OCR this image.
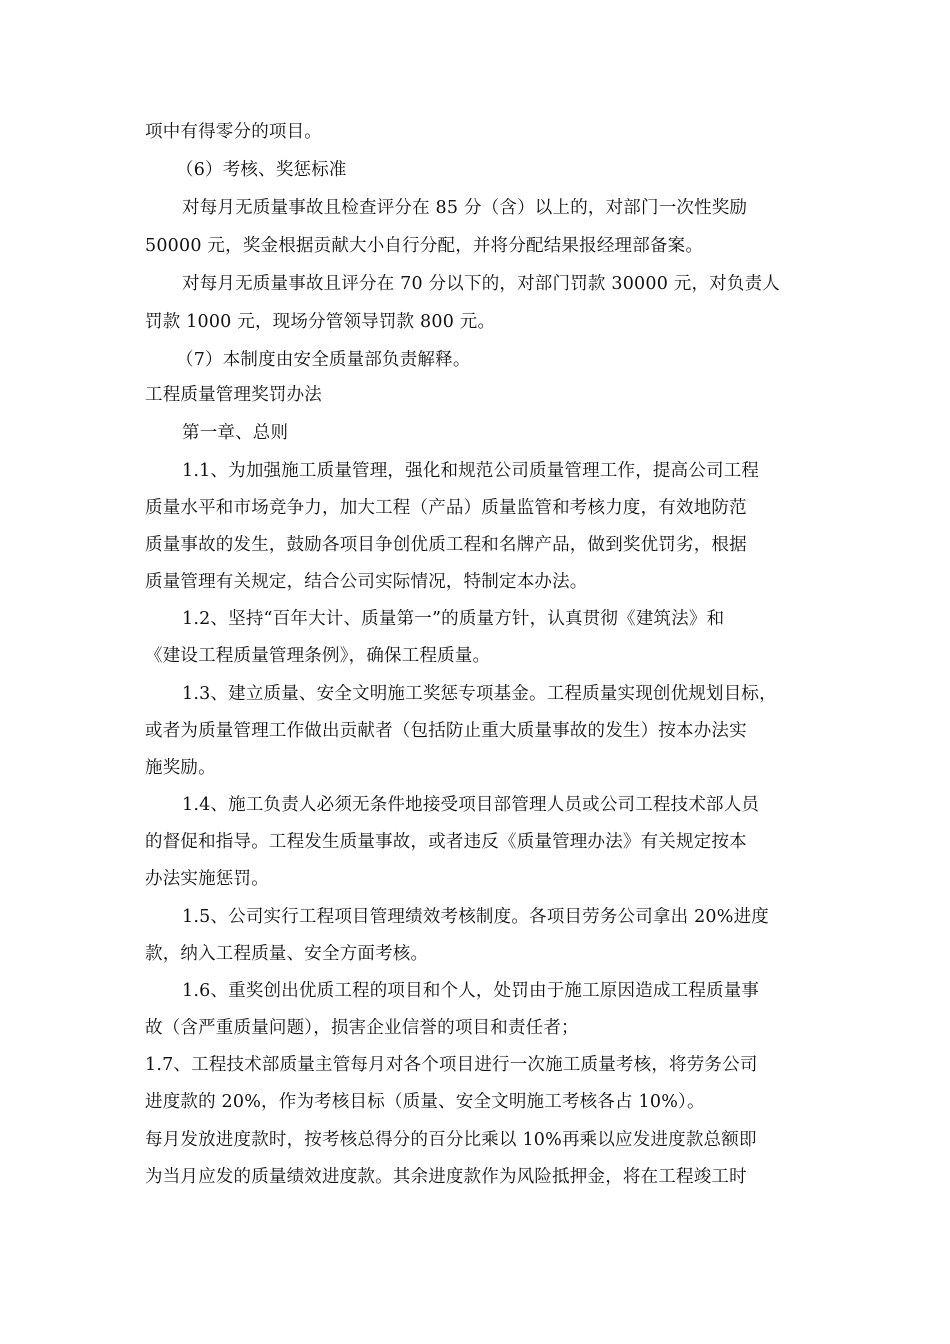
项中有得零分的项目。

（6）考核、奖惩标准

对每月无质量事故且检查评分在 85 分（含）以上的，对部门一次性奖励

50000 元，奖金根据贡献大小自行分配，并将分配结果报经理部备案。

对每月无质量事故且评分在 70 分以下的，对部门罚款 30000 元，对负责人

罚款 1000 元，现场分管领导罚款 800 元。

（7）本制度由安全质量部负责解释。

工程质量管理奖罚办法

第一章、总则

1.1、为加强施工质量管理，强化和规范公司质量管理工作，提高公司工程

质量水平和市场竞争力，加大工程（产品）质量监管和考核力度，有效地防范

质量事故的发生，鼓励各项目争创优质工程和名牌产品，做到奖优罚劣，根据

质量管理有关规定，结合公司实际情况，特制定本办法。

1.2、坚持“百年大计、质量第一”的质量方针，认真贯彻《建筑法》和

《建设工程质量管理条例》，确保工程质量。

1.3、建立质量、安全文明施工奖惩专项基金。工程质量实现创优规划目标，

或者为质量管理工作做出贡献者（包括防止重大质量事故的发生）按本办法实

施奖励。

1.4、施工负责人必须无条件地接受项目部管理人员或公司工程技术部人员

的督促和指导。工程发生质量事故，或者违反《质量管理办法》有关规定按本

办法实施惩罚。

1.5、公司实行工程项目管理绩效考核制度。各项目劳务公司拿出 20%进度

款，纳入工程质量、安全方面考核。

1.6、重奖创出优质工程的项目和个人，处罚由于施工原因造成工程质量事

故（含严重质量问题），损害企业信誉的项目和责任者；

1.7、工程技术部质量主管每月对各个项目进行一次施工质量考核，将劳务公司

进度款的 20%，作为考核目标（质量、安全文明施工考核各占 10%）。

每月发放进度款时，按考核总得分的百分比乘以 10%再乘以应发进度款总额即

为当月应发的质量绩效进度款。其余进度款作为风险抵押金，将在工程竣工时
